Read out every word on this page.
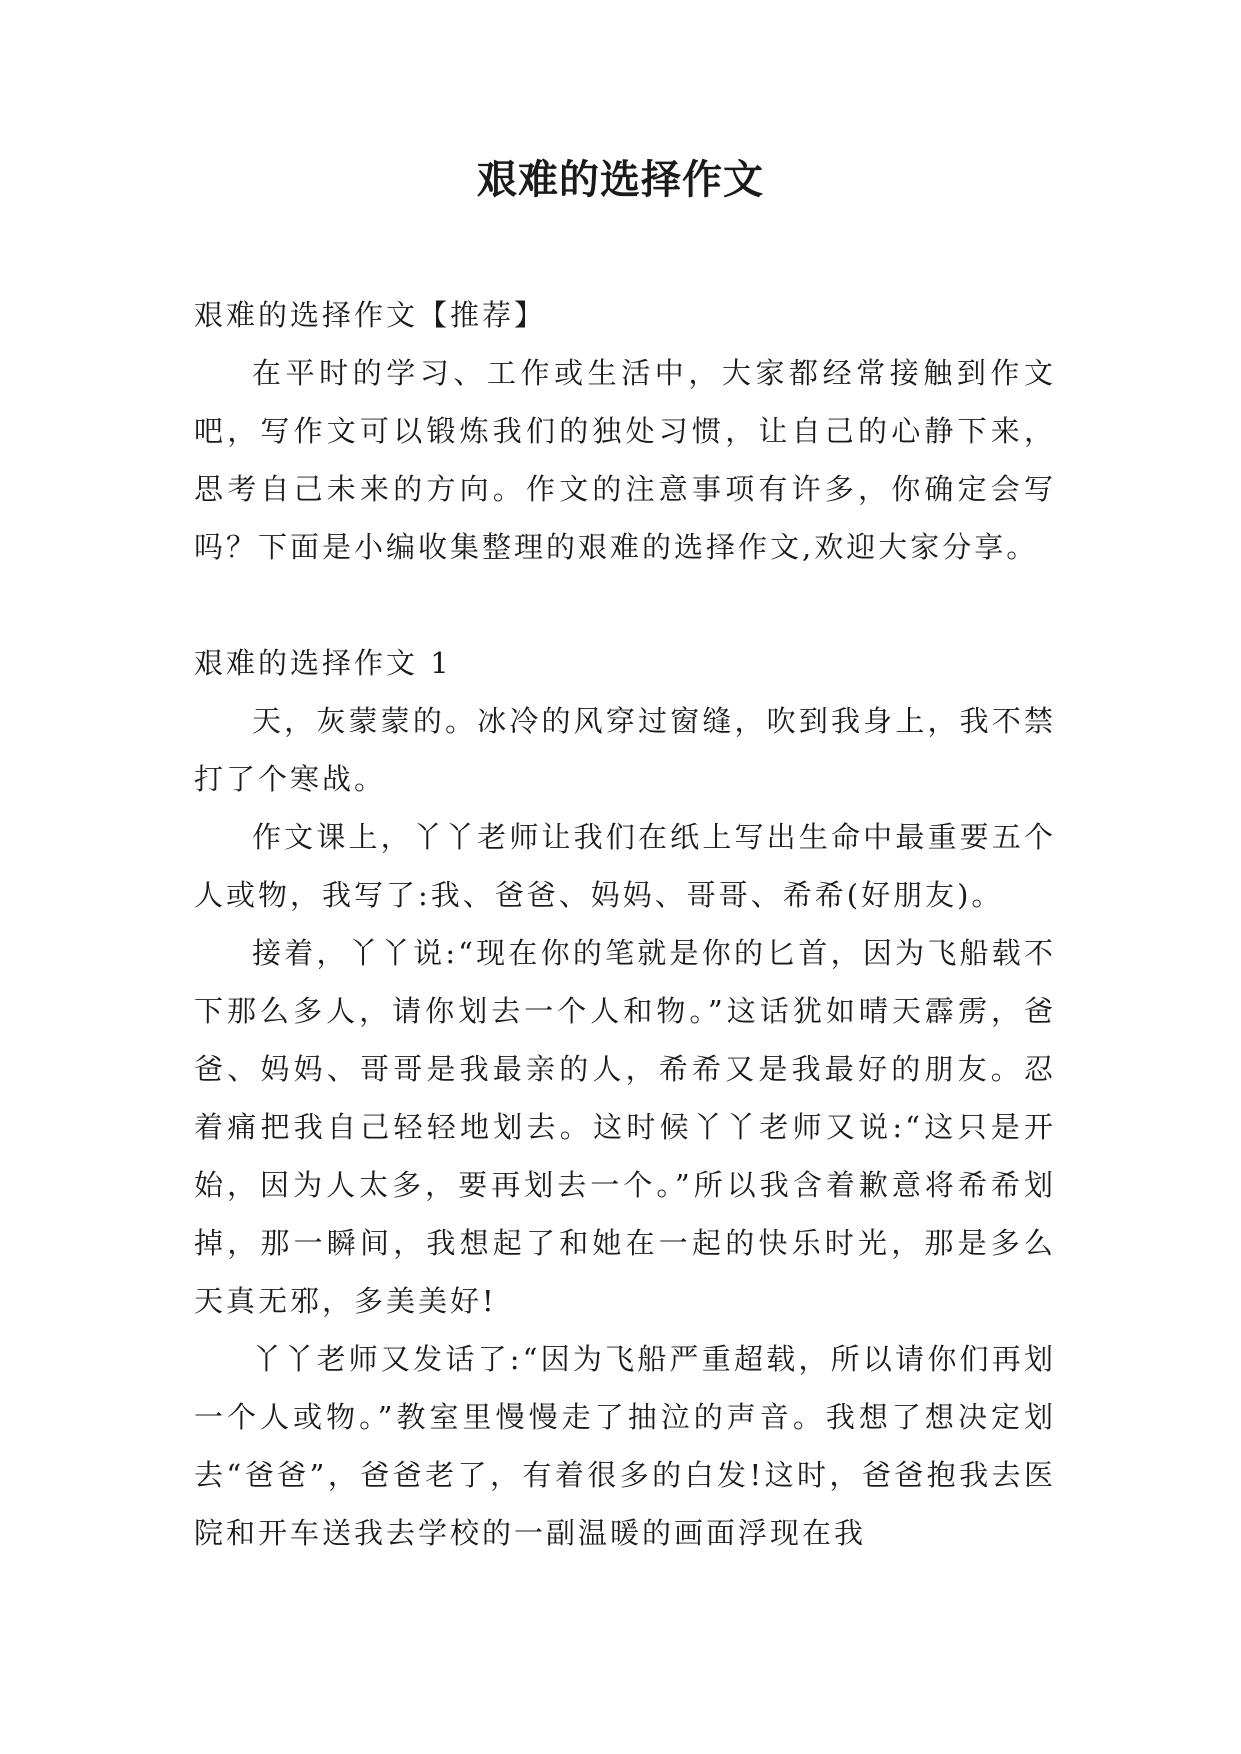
艰难的选择作文

艰难的选择作文【推荐】

在平时的学习、工作或生活中，大家都经常接触到作文吧，写作文可以锻炼我们的独处习惯，让自己的心静下来，思考自己未来的方向。作文的注意事项有许多，你确定会写吗？下面是小编收集整理的艰难的选择作文,欢迎大家分享。

艰难的选择作文 1

天，灰蒙蒙的。冰冷的风穿过窗缝，吹到我身上，我不禁打了个寒战。

作文课上，丫丫老师让我们在纸上写出生命中最重要五个人或物，我写了:我、爸爸、妈妈、哥哥、希希(好朋友)。

接着，丫丫说:“现在你的笔就是你的匕首，因为飞船载不下那么多人，请你划去一个人和物。”这话犹如晴天霹雳，爸爸、妈妈、哥哥是我最亲的人，希希又是我最好的朋友。忍着痛把我自己轻轻地划去。这时候丫丫老师又说:“这只是开始，因为人太多，要再划去一个。”所以我含着歉意将希希划掉，那一瞬间，我想起了和她在一起的快乐时光，那是多么天真无邪，多美美好!

丫丫老师又发话了:“因为飞船严重超载，所以请你们再划一个人或物。”教室里慢慢走了抽泣的声音。我想了想决定划去“爸爸”，爸爸老了，有着很多的白发!这时，爸爸抱我去医院和开车送我去学校的一副温暖的画面浮现在我
